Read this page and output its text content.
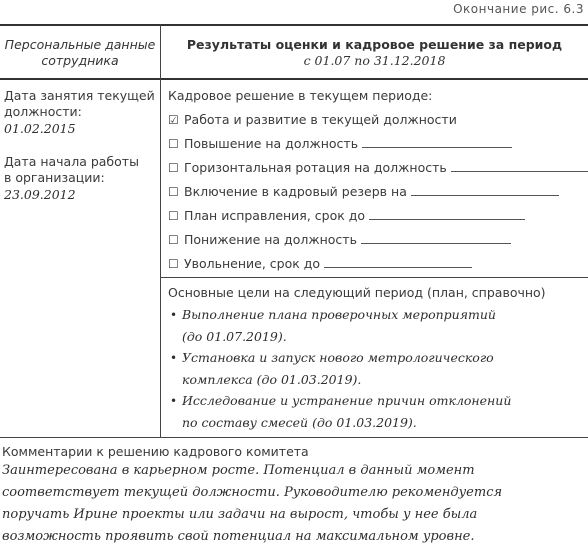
Окончание рис. 6.3
Персональные данные
сотрудника
Результаты оценки и кадровое решение за период
с 01.07 по 31.12.2018
Дата занятия текущей
должности:
01.02.2015
Дата начала работы
в организации:
23.09.2012
Кадровое решение в текущем периоде:
☑ Работа и развитие в текущей должности
☐ Повышение на должность
☐ Горизонтальная ротация на должность
☐ Включение в кадровый резерв на
☐ План исправления, срок до
☐ Понижение на должность
☐ Увольнение, срок до
Основные цели на следующий период (план, справочно)
• Выполнение плана проверочных мероприятий
(до 01.07.2019).
• Установка и запуск нового метрологического
комплекса (до 01.03.2019).
• Исследование и устранение причин отклонений
по составу смесей (до 01.03.2019).
Комментарии к решению кадрового комитета
Заинтересована в карьерном росте. Потенциал в данный момент
соответствует текущей должности. Руководителю рекомендуется
поручать Ирине проекты или задачи на вырост, чтобы у нее была
возможность проявить свой потенциал на максимальном уровне.
